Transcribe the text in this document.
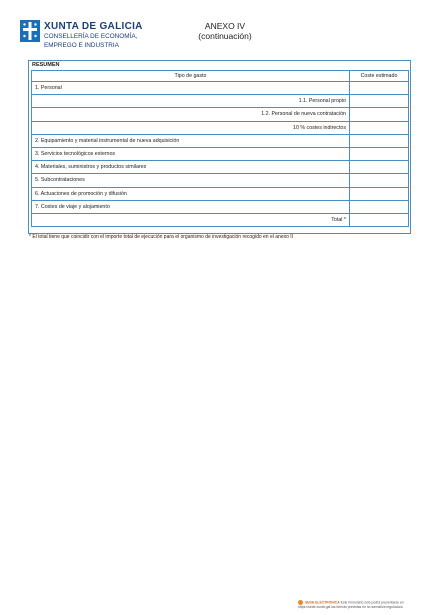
XUNTA DE GALICIA
CONSELLERÍA DE ECONOMÍA,
EMPREGO E INDUSTRIA
ANEXO IV
(continuación)
RESUMEN
Tipo de gasto	Coste estimado
1. Personal	
1.1. Personal propio	
1.2. Personal de nueva contratación	
10 % costes indirectos	
2. Equipamiento y material instrumental de nueva adquisición	
3. Servicios tecnológicos externos	
4. Materiales, suministros y productos similares	
5. Subcontrataciones	
6. Actuaciones de promoción y difusión	
7. Costes de viaje y alojamiento	
Total *	
* El total tiene que coincidir con el importe total de ejecución para el organismo de investigación recogido en el anexo II
SEDE ELECTRÓNICA Este formulario sólo podrá presentarse en
https://sede.xunta.gal las formas previstas en la normativa reguladora
